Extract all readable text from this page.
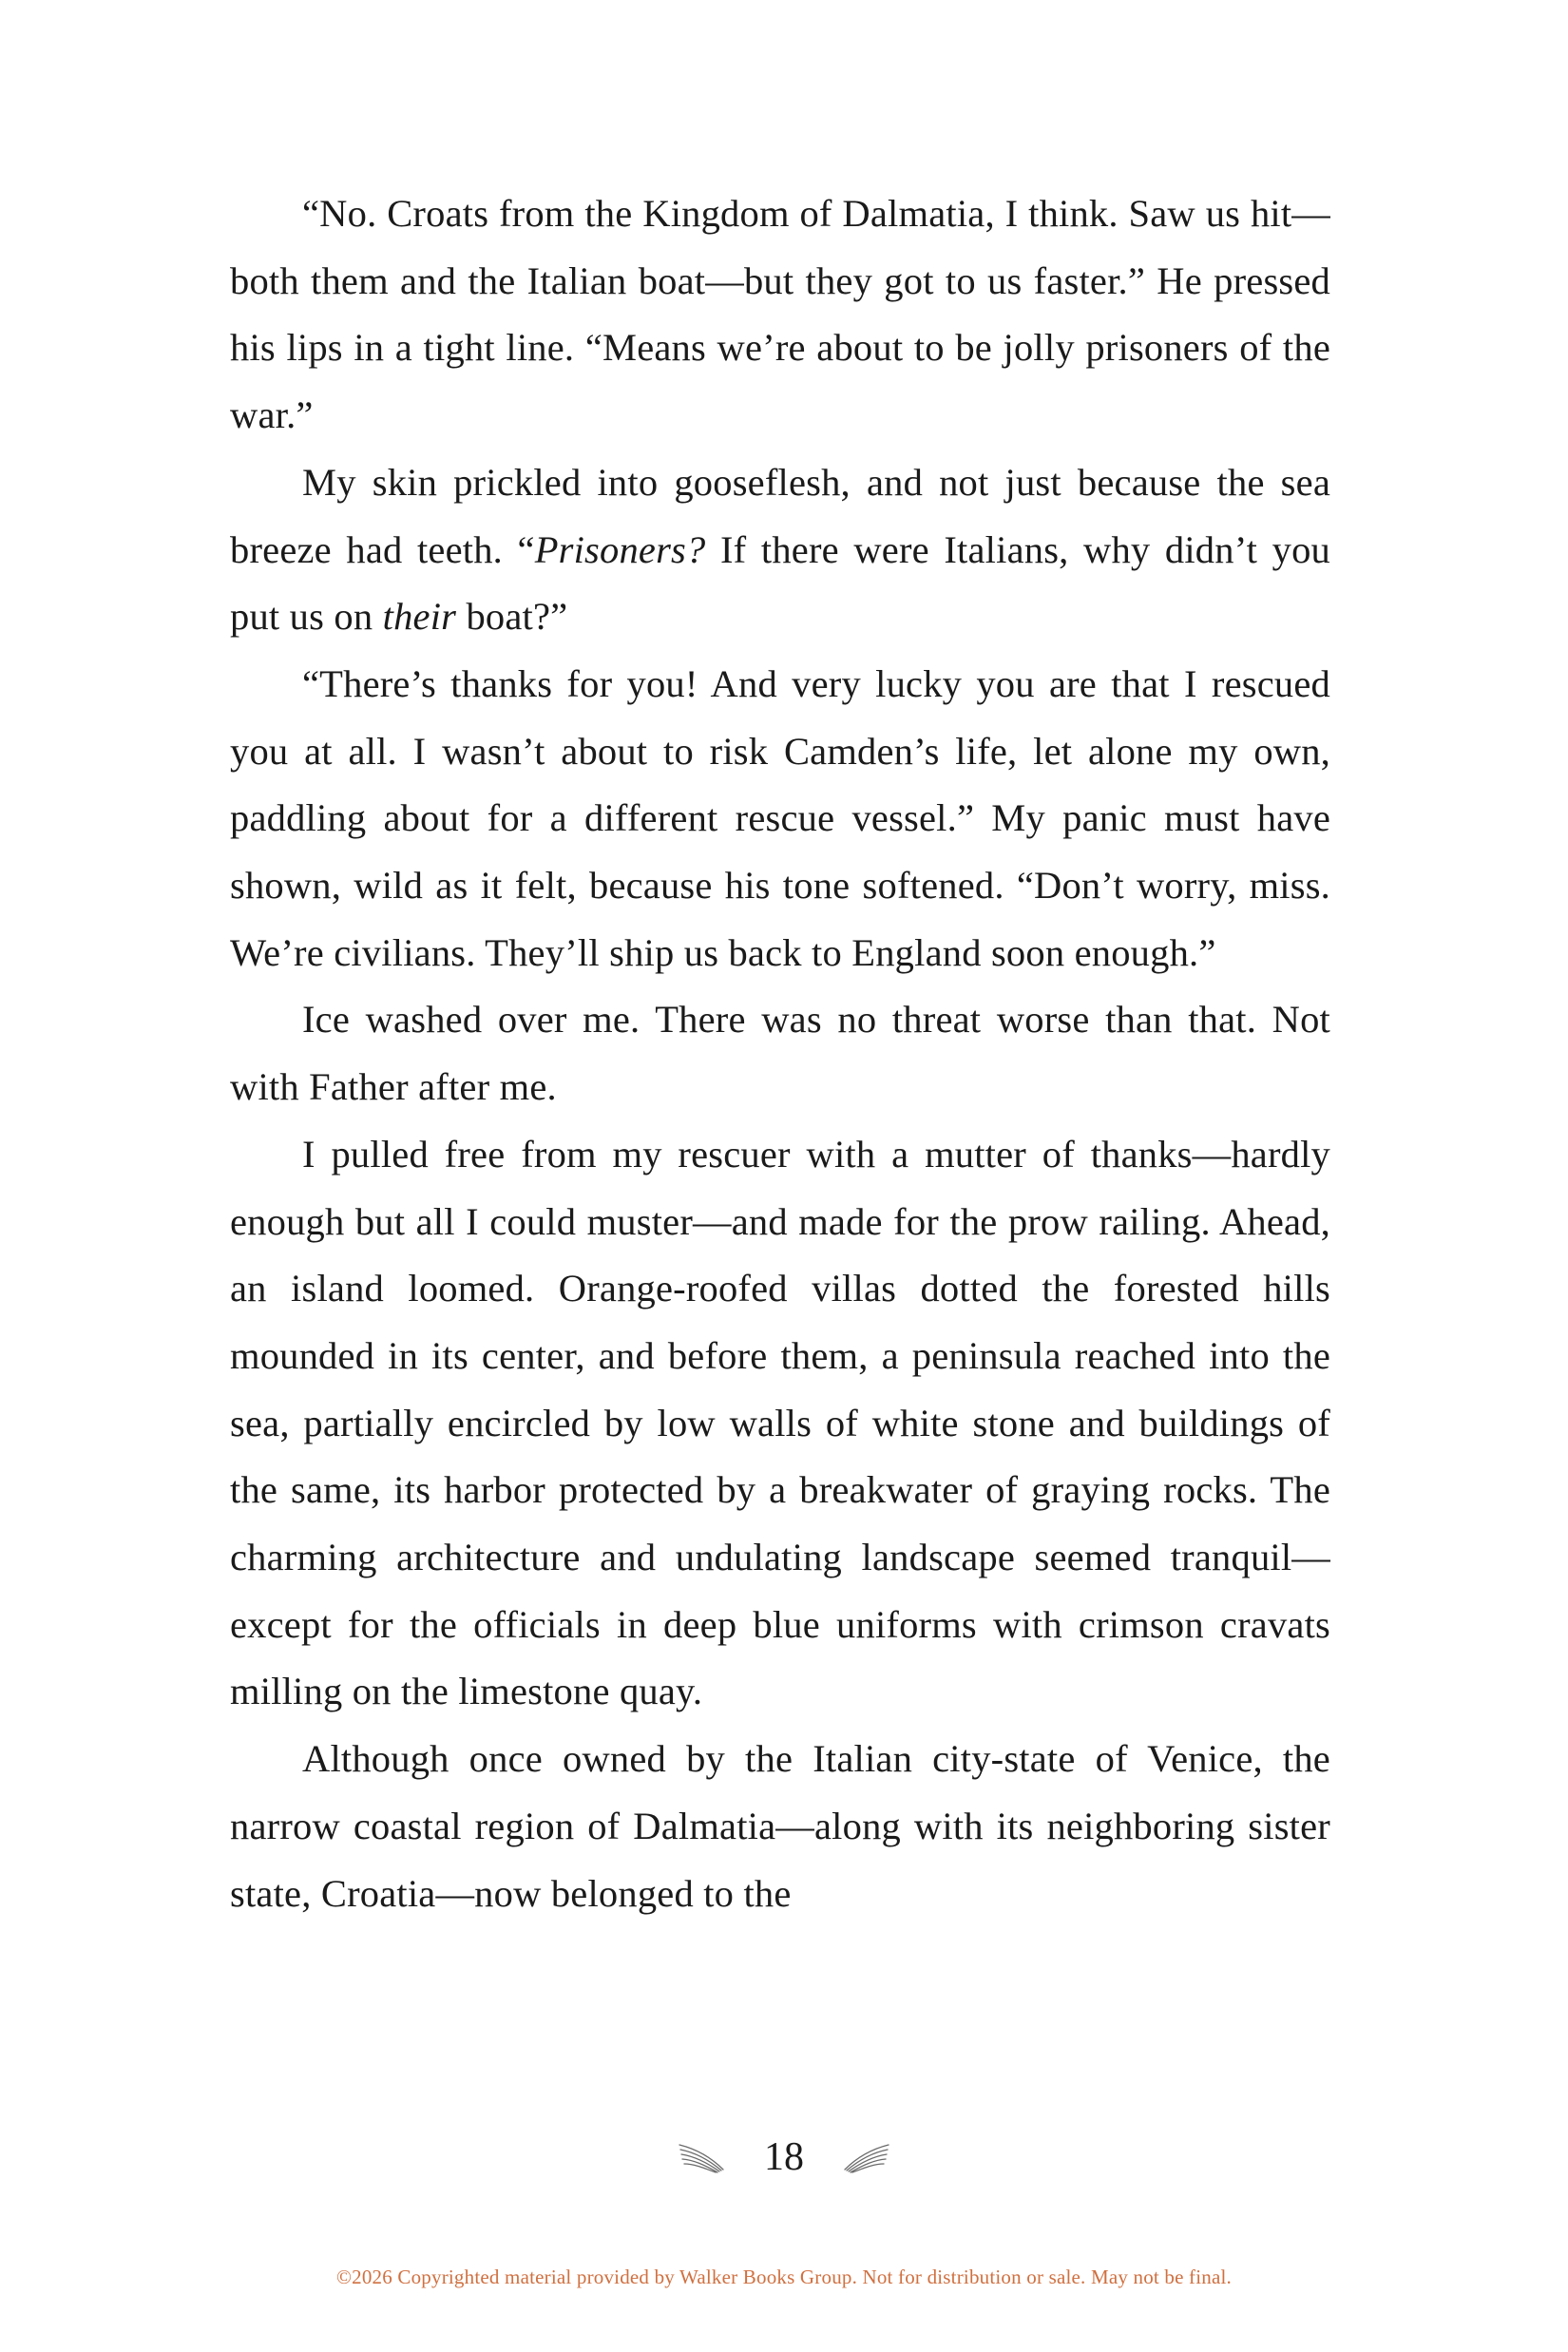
“No. Croats from the Kingdom of Dalmatia, I think. Saw us hit—both them and the Italian boat—but they got to us faster.” He pressed his lips in a tight line. “Means we’re about to be jolly prisoners of the war.”

My skin prickled into gooseflesh, and not just because the sea breeze had teeth. “Prisoners? If there were Italians, why didn’t you put us on their boat?”

“There’s thanks for you! And very lucky you are that I rescued you at all. I wasn’t about to risk Camden’s life, let alone my own, paddling about for a different rescue vessel.” My panic must have shown, wild as it felt, because his tone softened. “Don’t worry, miss. We’re civilians. They’ll ship us back to England soon enough.”

Ice washed over me. There was no threat worse than that. Not with Father after me.

I pulled free from my rescuer with a mutter of thanks—hardly enough but all I could muster—and made for the prow railing. Ahead, an island loomed. Orange-roofed villas dotted the forested hills mounded in its center, and before them, a peninsula reached into the sea, partially encircled by low walls of white stone and buildings of the same, its harbor protected by a breakwater of graying rocks. The charming architecture and undulating landscape seemed tranquil—except for the officials in deep blue uniforms with crimson cravats milling on the limestone quay.

Although once owned by the Italian city-state of Venice, the narrow coastal region of Dalmatia—along with its neighboring sister state, Croatia—now belonged to the

18
©2026 Copyrighted material provided by Walker Books Group. Not for distribution or sale. May not be final.
